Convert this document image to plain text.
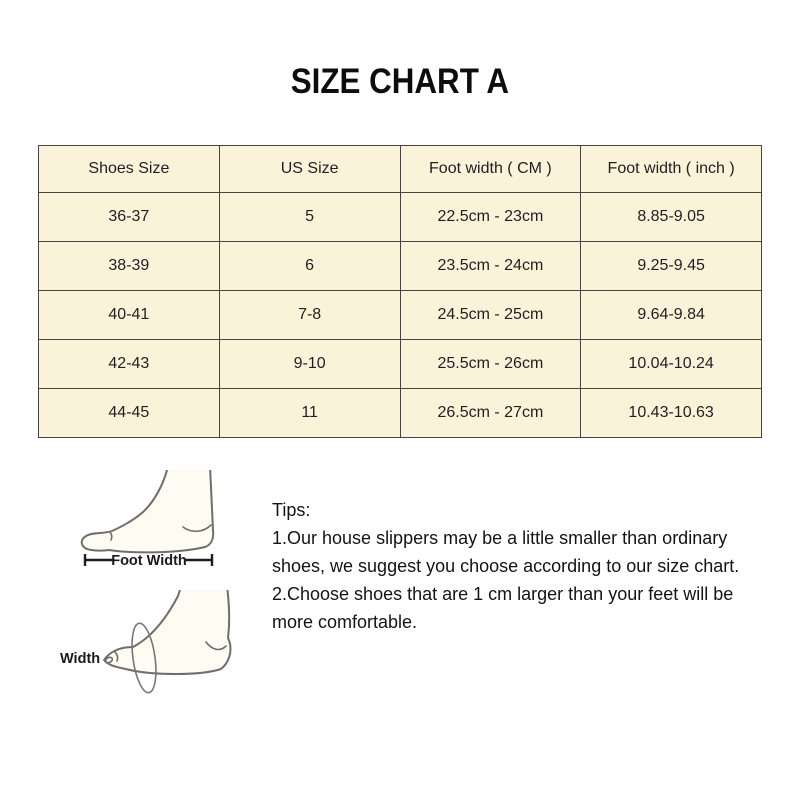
SIZE CHART A
Shoes Size	US Size	Foot width ( CM )	Foot width ( inch )
36-37	5	22.5cm - 23cm	8.85-9.05
38-39	6	23.5cm - 24cm	9.25-9.45
40-41	7-8	24.5cm - 25cm	9.64-9.84
42-43	9-10	25.5cm - 26cm	10.04-10.24
44-45	11	26.5cm - 27cm	10.43-10.63
Foot Width
Width
Tips:
1.Our house slippers may be a little smaller than ordinary shoes, we suggest you choose according to our size chart.
2.Choose shoes that are 1 cm larger than your feet will be more comfortable.
